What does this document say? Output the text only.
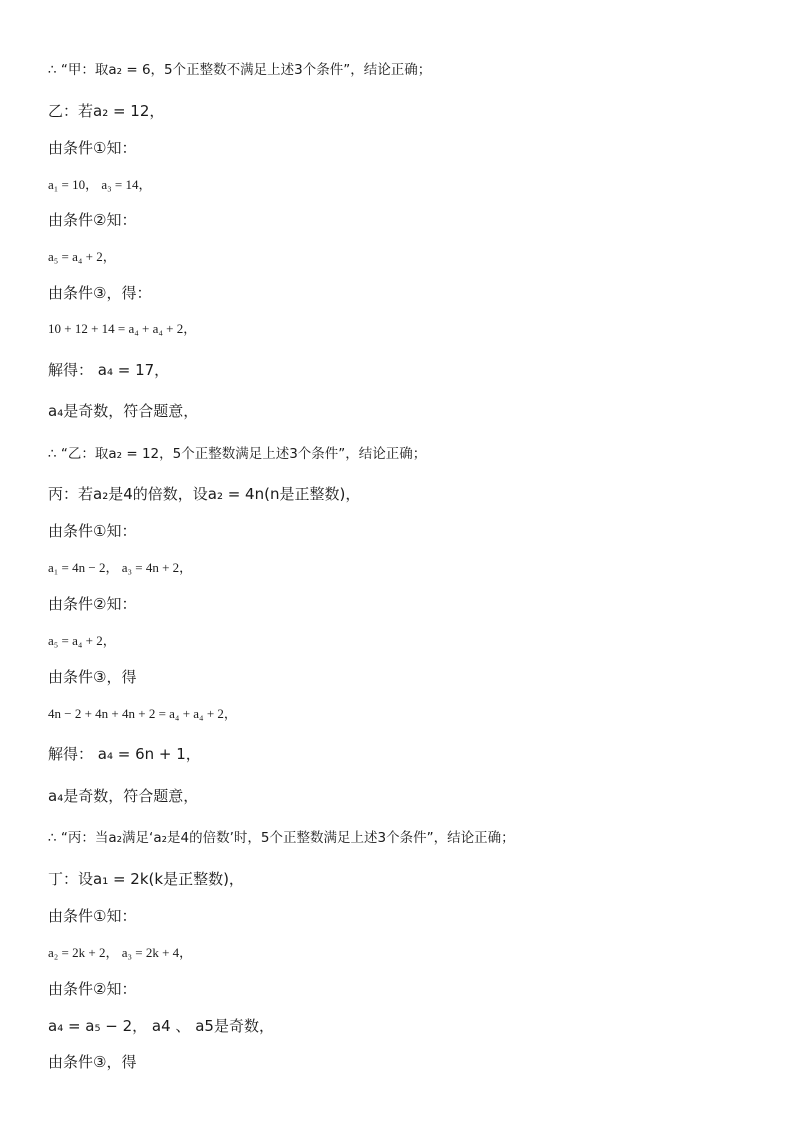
∴ “甲：取a₂ = 6，5个正整数不满足上述3个条件”，结论正确；
乙：若a₂ = 12，
由条件①知：
a₁ = 10， a₃ = 14，
由条件②知：
a₅ = a₄ + 2，
由条件③，得：
10 + 12 + 14 = a₄ + a₄ + 2，
解得： a₄ = 17，
a₄是奇数，符合题意，
∴ “乙：取a₂ = 12，5个正整数满足上述3个条件”，结论正确；
丙：若a₂是4的倍数，设a₂ = 4n(n是正整数)，
由条件①知：
a₁ = 4n − 2， a₃ = 4n + 2，
由条件②知：
a₅ = a₄ + 2，
由条件③，得
4n − 2 + 4n + 4n + 2 = a₄ + a₄ + 2，
解得： a₄ = 6n + 1，
a₄是奇数，符合题意，
∴ “丙：当a₂满足‘a₂是4的倍数’时，5个正整数满足上述3个条件”，结论正确；
丁：设a₁ = 2k(k是正整数)，
由条件①知：
a₂ = 2k + 2， a₃ = 2k + 4，
由条件②知：
a₄ = a₅ − 2， a4 、 a5是奇数，
由条件③，得
